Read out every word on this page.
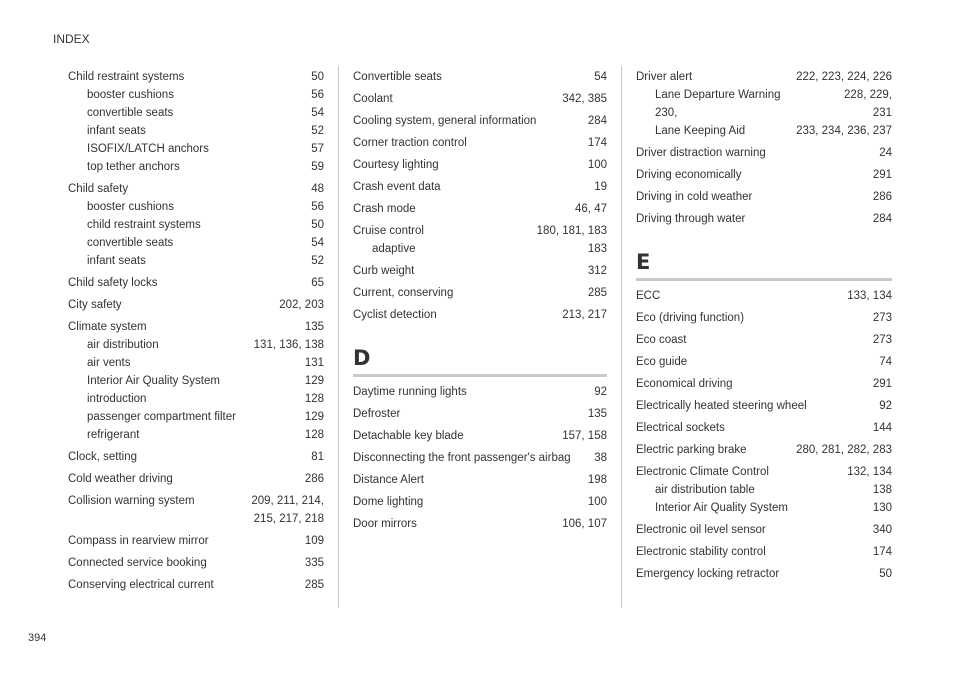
INDEX
394
Child restraint systems	50
booster cushions	56
convertible seats	54
infant seats	52
ISOFIX/LATCH anchors	57
top tether anchors	59
Child safety	48
booster cushions	56
child restraint systems	50
convertible seats	54
infant seats	52
Child safety locks	65
City safety	202, 203
Climate system	135
air distribution	131, 136, 138
air vents	131
Interior Air Quality System	129
introduction	128
passenger compartment filter	129
refrigerant	128
Clock, setting	81
Cold weather driving	286
Collision warning system	209, 211, 214,
215, 217, 218
Compass in rearview mirror	109
Connected service booking	335
Conserving electrical current	285
Convertible seats	54
Coolant	342, 385
Cooling system, general information	284
Corner traction control	174
Courtesy lighting	100
Crash event data	19
Crash mode	46, 47
Cruise control	180, 181, 183
adaptive	183
Curb weight	312
Current, conserving	285
Cyclist detection	213, 217
D
Daytime running lights	92
Defroster	135
Detachable key blade	157, 158
Disconnecting the front passenger's airbag	38
Distance Alert	198
Dome lighting	100
Door mirrors	106, 107
Driver alert	222, 223, 224, 226
Lane Departure Warning	228, 229,
230,	231
Lane Keeping Aid	233, 234, 236, 237
Driver distraction warning	24
Driving economically	291
Driving in cold weather	286
Driving through water	284
E
ECC	133, 134
Eco (driving function)	273
Eco coast	273
Eco guide	74
Economical driving	291
Electrically heated steering wheel	92
Electrical sockets	144
Electric parking brake	280, 281, 282, 283
Electronic Climate Control	132, 134
air distribution table	138
Interior Air Quality System	130
Electronic oil level sensor	340
Electronic stability control	174
Emergency locking retractor	50
